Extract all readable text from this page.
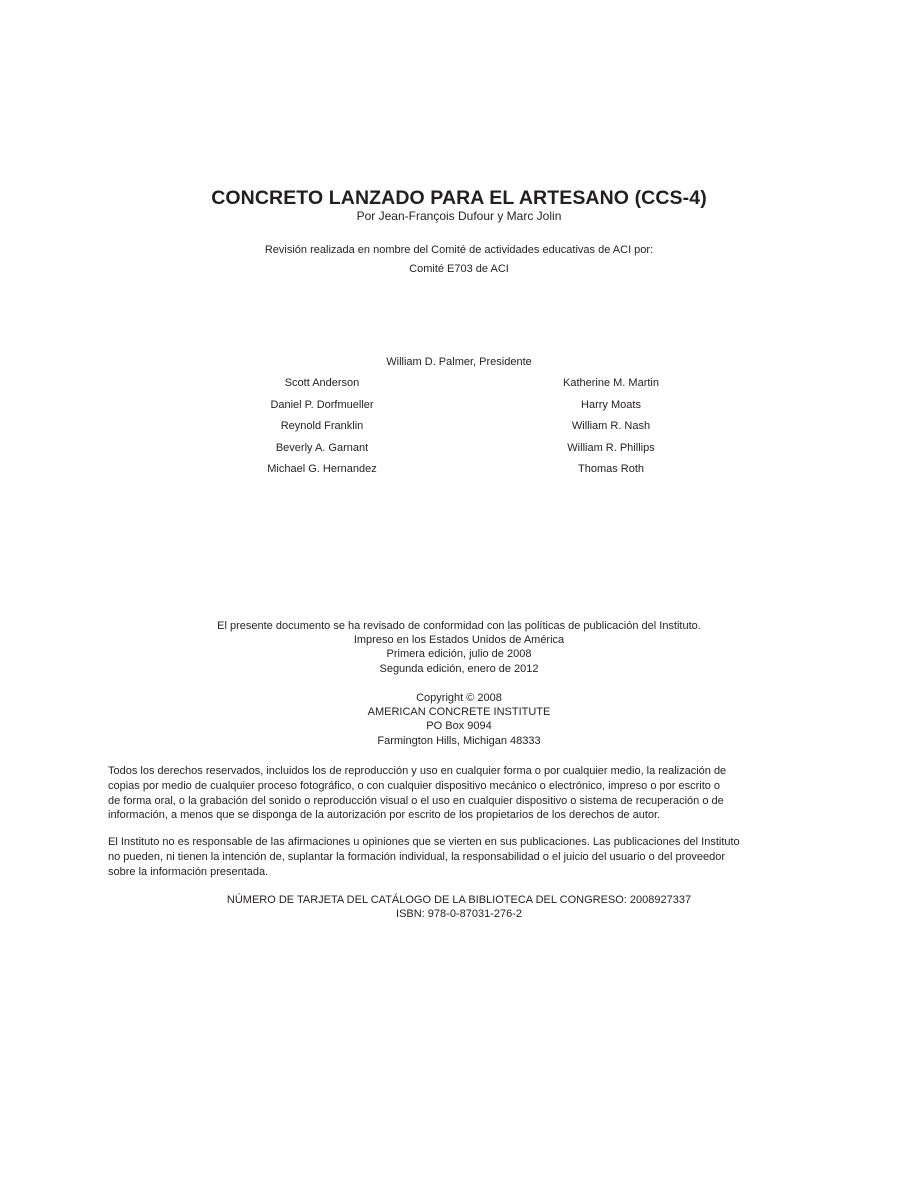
CONCRETO LANZADO PARA EL ARTESANO (CCS-4)
Por Jean-François Dufour y Marc Jolin
Revisión realizada en nombre del Comité de actividades educativas de ACI por:
Comité E703 de ACI
William D. Palmer, Presidente
Scott Anderson
Daniel P. Dorfmueller
Reynold Franklin
Beverly A. Garnant
Michael G. Hernandez
Katherine M. Martin
Harry Moats
William R. Nash
William R. Phillips
Thomas Roth
El presente documento se ha revisado de conformidad con las políticas de publicación del Instituto.
Impreso en los Estados Unidos de América
Primera edición, julio de 2008
Segunda edición, enero de 2012
Copyright © 2008
AMERICAN CONCRETE INSTITUTE
PO Box 9094
Farmington Hills, Michigan 48333
Todos los derechos reservados, incluidos los de reproducción y uso en cualquier forma o por cualquier medio, la realización de
copias por medio de cualquier proceso fotográfico, o con cualquier dispositivo mecánico o electrónico, impreso o por escrito o
de forma oral, o la grabación del sonido o reproducción visual o el uso en cualquier dispositivo o sistema de recuperación o de
información, a menos que se disponga de la autorización por escrito de los propietarios de los derechos de autor.
El Instituto no es responsable de las afirmaciones u opiniones que se vierten en sus publicaciones. Las publicaciones del Instituto
no pueden, ni tienen la intención de, suplantar la formación individual, la responsabilidad o el juicio del usuario o del proveedor
sobre la información presentada.
NÚMERO DE TARJETA DEL CATÁLOGO DE LA BIBLIOTECA DEL CONGRESO: 2008927337
ISBN: 978-0-87031-276-2
